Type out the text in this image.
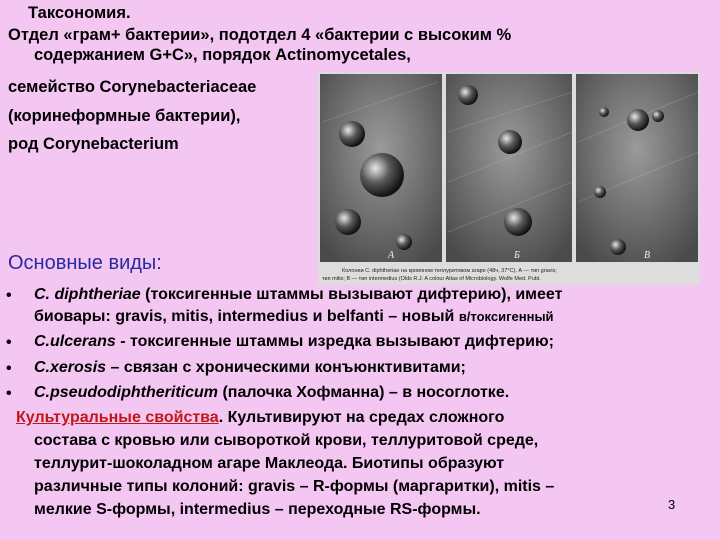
Таксономия.
Отдел «грам+ бактерии», подотдел 4 «бактерии с высоким %
содержанием G+C», порядок Actinomycetales,
семейство Corynebacteriaceae
(коринеформные бактерии),
род Corynebacterium
А	Б	В
Колонии C. diphtheriae на кровяном теллуритовом агаре (48ч, 37°С). А — тип gravis;
тип mitis; В — тип intermedius (Olds R.J. A colour Atlas of Microbiology. Wolfe Med. Publ.
Основные виды:
• C. diphtheriae (токсигенные штаммы вызывают дифтерию), имеет
биовары: gravis, mitis, intermedius и belfanti – новый в/токсигенный
• C.ulcerans - токсигенные штаммы изредка вызывают дифтерию;
• C.xerosis – связан с хроническими конъюнктивитами;
• C.pseudodiphtheriticum (палочка Хофманна) – в носоглотке.
Культуральные свойства. Культивируют на средах сложного
состава с кровью или сывороткой крови, теллуритовой среде,
теллурит-шоколадном агаре Маклеода. Биотипы образуют
различные типы колоний: gravis – R-формы (маргаритки), mitis –
мелкие S-формы, intermedius – переходные RS-формы.	3
